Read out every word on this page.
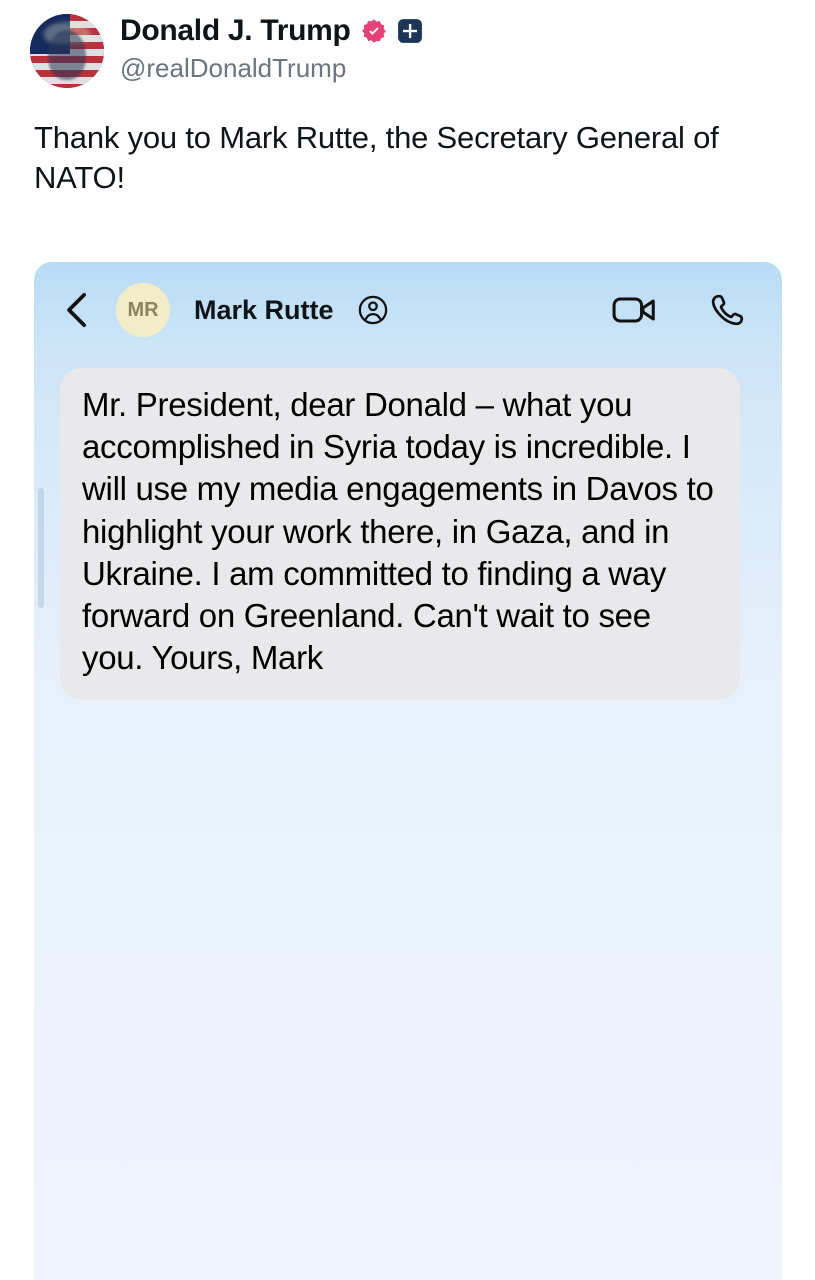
Donald J. Trump
@realDonaldTrump
Thank you to Mark Rutte, the Secretary General of NATO!
MR	Mark Rutte
Mr. President, dear Donald – what you accomplished in Syria today is incredible. I will use my media engagements in Davos to highlight your work there, in Gaza, and in Ukraine. I am committed to finding a way forward on Greenland. Can't wait to see you. Yours, Mark
